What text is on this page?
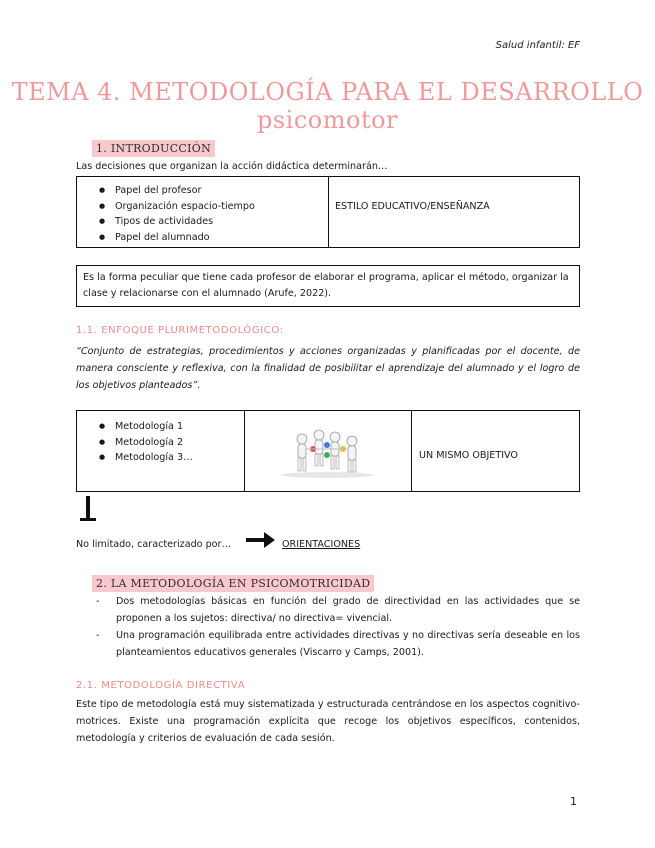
Salud infantil: EF
TEMA 4. METODOLOGÍA PARA EL DESARROLLO psicomotor
1. INTRODUCCIÓN
Las decisiones que organizan la acción didáctica determinarán…
● Papel del profesor
● Organización espacio-tiempo
● Tipos de actividades
● Papel del alumnado
ESTILO EDUCATIVO/ENSEÑANZA
Es la forma peculiar que tiene cada profesor de elaborar el programa, aplicar el método, organizar la clase y relacionarse con el alumnado (Arufe, 2022).
1.1. ENFOQUE PLURIMETODOLÓGICO:
“Conjunto de estrategias, procedimientos y acciones organizadas y planificadas por el docente, de manera consciente y reflexiva, con la finalidad de posibilitar el aprendizaje del alumnado y el logro de los objetivos planteados”.
● Metodología 1
● Metodología 2
● Metodología 3…	UN MISMO OBJETIVO
No limitado, caracterizado por…	ORIENTACIONES
2. LA METODOLOGÍA EN PSICOMOTRICIDAD
- Dos metodologías básicas en función del grado de directividad en las actividades que se proponen a los sujetos: directiva/ no directiva= vivencial.
- Una programación equilibrada entre actividades directivas y no directivas sería deseable en los planteamientos educativos generales (Viscarro y Camps, 2001).
2.1. METODOLOGÍA DIRECTIVA
Este tipo de metodología está muy sistematizada y estructurada centrándose en los aspectos cognitivo-motrices. Existe una programación explícita que recoge los objetivos específicos, contenidos, metodología y criterios de evaluación de cada sesión.
1
